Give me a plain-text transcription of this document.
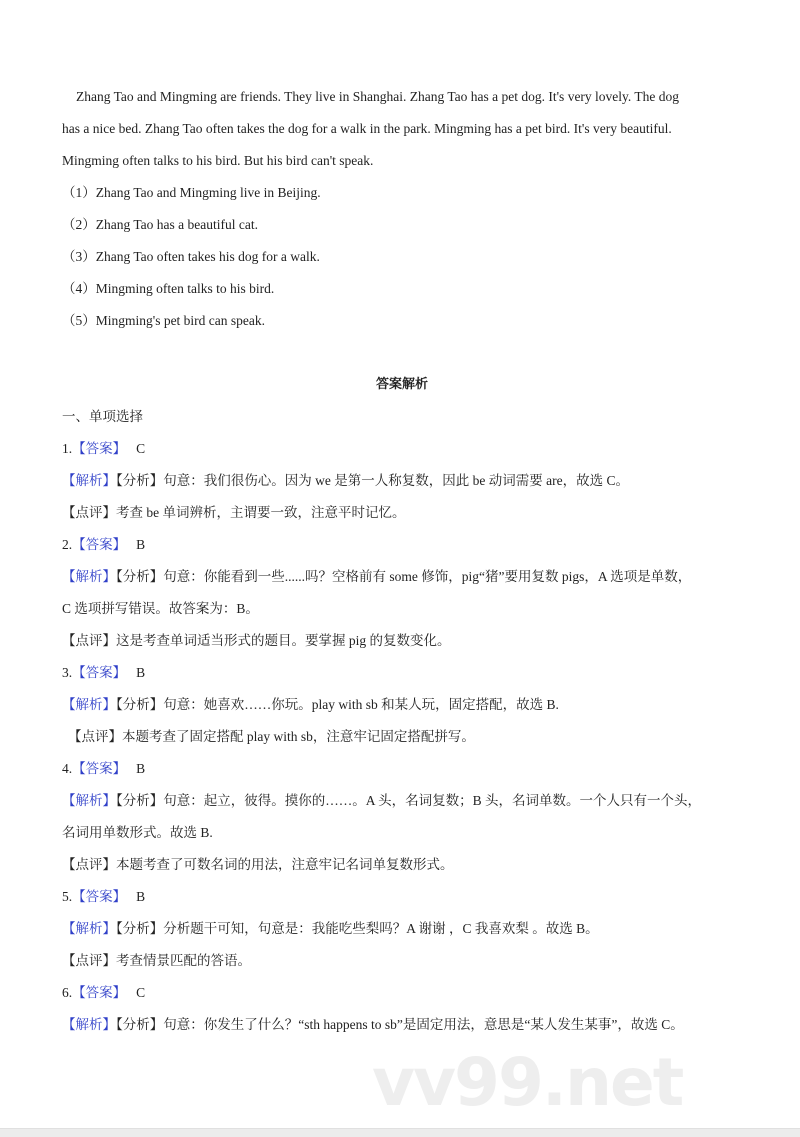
vv99.net
Zhang Tao and Mingming are friends. They live in Shanghai. Zhang Tao has a pet dog. It's very lovely. The dog
has a nice bed. Zhang Tao often takes the dog for a walk in the park. Mingming has a pet bird. It's very beautiful.
Mingming often talks to his bird. But his bird can't speak.
（1）Zhang Tao and Mingming live in Beijing.
（2）Zhang Tao has a beautiful cat.
（3）Zhang Tao often takes his dog for a walk.
（4）Mingming often talks to his bird.
（5）Mingming's pet bird can speak.
答案解析
一、单项选择
1.【答案】 C
【解析】【分析】句意：我们很伤心。因为 we 是第一人称复数，因此 be 动词需要 are，故选 C。
【点评】考查 be 单词辨析，主谓要一致，注意平时记忆。
2.【答案】 B
【解析】【分析】句意：你能看到一些......吗？空格前有 some 修饰，pig“猪”要用复数 pigs，A 选项是单数，
C 选项拼写错误。故答案为：B。
【点评】这是考查单词适当形式的题目。要掌握 pig 的复数变化。
3.【答案】 B
【解析】【分析】句意：她喜欢……你玩。play with sb 和某人玩，固定搭配，故选 B.
【点评】本题考查了固定搭配 play with sb，注意牢记固定搭配拼写。
4.【答案】 B
【解析】【分析】句意：起立，彼得。摸你的……。A 头，名词复数；B 头，名词单数。一个人只有一个头，
名词用单数形式。故选 B.
【点评】本题考查了可数名词的用法，注意牢记名词单复数形式。
5.【答案】 B
【解析】【分析】分析题干可知，句意是：我能吃些梨吗？A 谢谢 ，C 我喜欢梨 。故选 B。
【点评】考查情景匹配的答语。
6.【答案】 C
【解析】【分析】句意：你发生了什么？“sth happens to sb”是固定用法，意思是“某人发生某事”，故选 C。
